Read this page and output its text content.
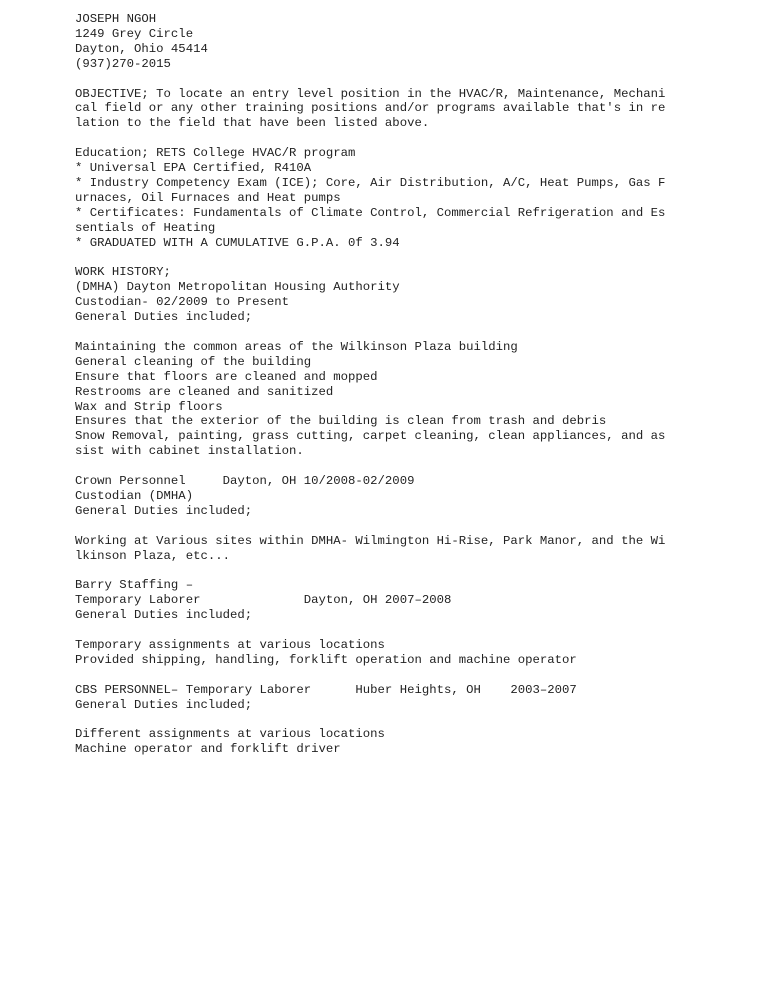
JOSEPH NGOH
1249 Grey Circle
Dayton, Ohio 45414
(937)270-2015
OBJECTIVE; To locate an entry level position in the HVAC/R, Maintenance, Mechani
cal field or any other training positions and/or programs available that's in re
lation to the field that have been listed above.
Education; RETS College HVAC/R program
* Universal EPA Certified, R410A
* Industry Competency Exam (ICE); Core, Air Distribution, A/C, Heat Pumps, Gas F
urnaces, Oil Furnaces and Heat pumps
* Certificates: Fundamentals of Climate Control, Commercial Refrigeration and Es
sentials of Heating
* GRADUATED WITH A CUMULATIVE G.P.A. 0f 3.94
WORK HISTORY;
(DMHA) Dayton Metropolitan Housing Authority
Custodian- 02/2009 to Present
General Duties included;
Maintaining the common areas of the Wilkinson Plaza building
General cleaning of the building
Ensure that floors are cleaned and mopped
Restrooms are cleaned and sanitized
Wax and Strip floors
Ensures that the exterior of the building is clean from trash and debris
Snow Removal, painting, grass cutting, carpet cleaning, clean appliances, and as
sist with cabinet installation.
Crown Personnel     Dayton, OH 10/2008-02/2009
Custodian (DMHA)
General Duties included;
Working at Various sites within DMHA- Wilmington Hi-Rise, Park Manor, and the Wi
lkinson Plaza, etc...
Barry Staffing –
Temporary Laborer              Dayton, OH 2007–2008
General Duties included;
Temporary assignments at various locations
Provided shipping, handling, forklift operation and machine operator
CBS PERSONNEL– Temporary Laborer      Huber Heights, OH    2003–2007
General Duties included;
Different assignments at various locations
Machine operator and forklift driver
